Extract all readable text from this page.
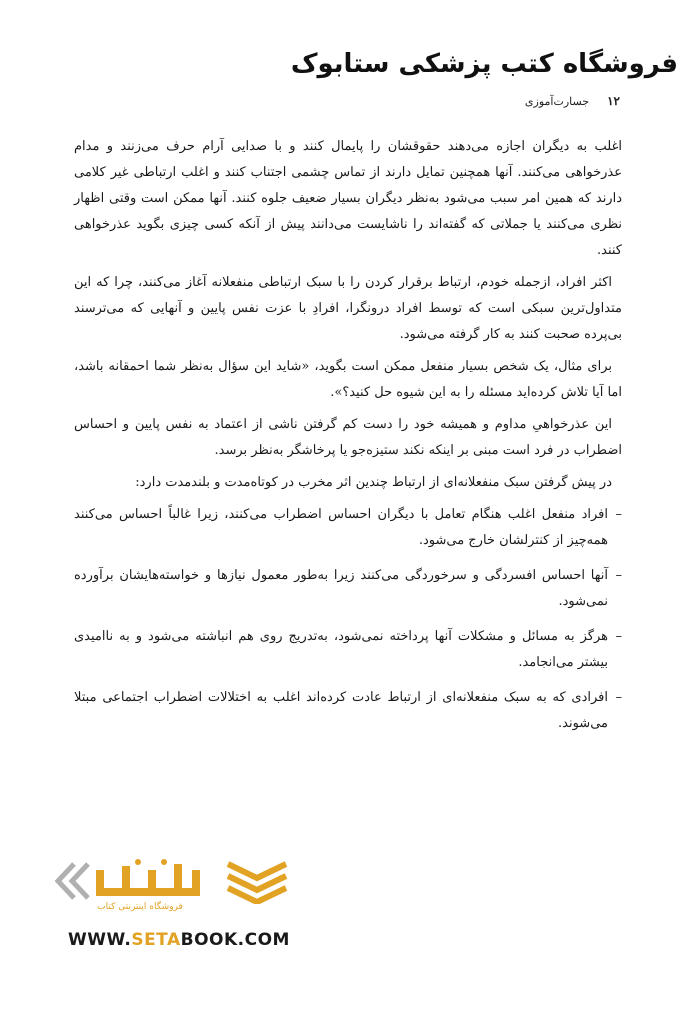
فروشگاه کتب پزشکی ستابوک
۱۲
جسارت‌آموزی

اغلب به دیگران اجازه می‌دهند حقوقشان را پایمال کنند و با صدایی آرام حرف می‌زنند و مدام عذرخواهی می‌کنند. آنها همچنین تمایل دارند از تماس چشمی اجتناب کنند و اغلب ارتباطی غیر کلامی دارند که همین امر سبب می‌شود به‌نظر دیگران بسیار ضعیف جلوه کنند. آنها ممکن است وقتی اظهار نظری می‌کنند یا جملاتی که گفته‌اند را ناشایست می‌دانند پیش از آنکه کسی چیزی بگوید عذرخواهی کنند.

اکثر افراد، ازجمله خودم، ارتباط برقرار کردن را با سبک ارتباطی منفعلانه آغاز می‌کنند، چرا که این متداول‌ترین سبکی است که توسط افراد درونگرا، افرادِ با عزت نفس پایین و آنهایی که می‌ترسند بی‌پرده صحبت کنند به کار گرفته می‌شود.

برای مثال، یک شخص بسیار منفعل ممکن است بگوید، «شاید این سؤال به‌نظر شما احمقانه باشد، اما آیا تلاش کرده‌اید مسئله را به این شیوه حل کنید؟».

این عذرخواهیِ مداوم و همیشه خود را دست کم گرفتن ناشی از اعتماد به نفس پایین و احساس اضطراب در فرد است مبنی بر اینکه نکند ستیزه‌جو یا پرخاشگر به‌نظر برسد.

در پیش گرفتن سبک منفعلانه‌ای از ارتباط چندین اثر مخرب در کوتاه‌مدت و بلندمدت دارد:

–
افراد منفعل اغلب هنگام تعامل با دیگران احساس اضطراب می‌کنند، زیرا غالباً احساس می‌کنند همه‌چیز از کنترلشان خارج می‌شود.
–
آنها احساس افسردگی و سرخوردگی می‌کنند زیرا به‌طور معمول نیازها و خواسته‌هایشان برآورده نمی‌شود.
–
هرگز به مسائل و مشکلات آنها پرداخته نمی‌شود، به‌تدریج روی هم انباشته می‌شود و به ناامیدی بیشتر می‌انجامد.
–
افرادی که به سبک منفعلانه‌ای از ارتباط عادت کرده‌اند اغلب به اختلالات اضطراب اجتماعی مبتلا می‌شوند.
فروشگاه اینترنتی کتاب
WWW.SETABOOK.COM
